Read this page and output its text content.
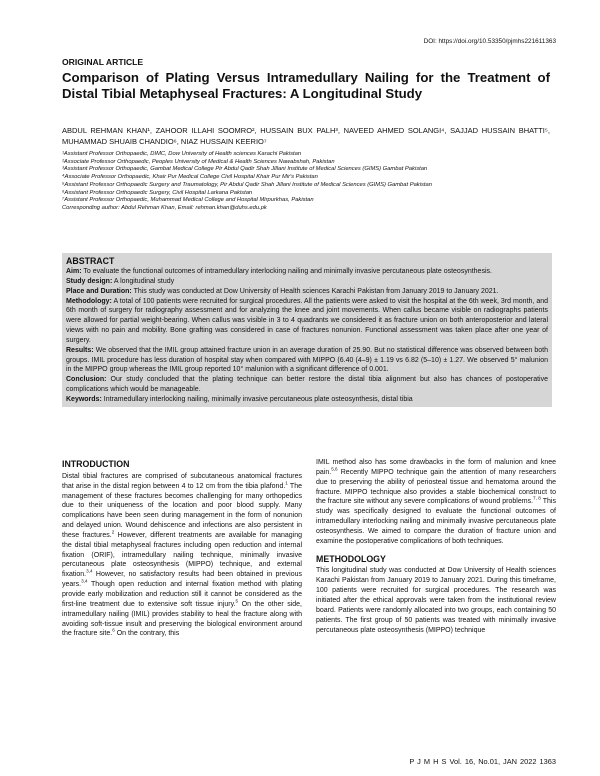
DOI: https://doi.org/10.53350/pjmhs221611363
ORIGINAL ARTICLE
Comparison of Plating Versus Intramedullary Nailing for the Treatment of Distal Tibial Metaphyseal Fractures: A Longitudinal Study
ABDUL REHMAN KHAN¹, ZAHOOR ILLAHI SOOMRO², HUSSAIN BUX PALH³, NAVEED AHMED SOLANGI⁴, SAJJAD HUSSAIN BHATTI⁵, MUHAMMAD SHUAIB CHANDIO⁶, NIAZ HUSSAIN KEERIO⁷
¹Assistant Professor Orthopaedic, DIMC, Dow University of Health sciences Karachi Pakistan
²Associate Professor Orthopaedic, Peoples University of Medical & Health Sciences Nawabshah, Pakistan
³Assistant Professor Orthopaedic, Gambat Medical College Pir Abdul Qadir Shah Jillani Institute of Medical Sciences (GIMS) Gambat Pakistan
⁴Associate Professor Orthopaedic, Khair Pur Medical College Civil Hospital Khair Pur Mir's Pakistan
⁵Assistant Professor Orthopaedic Surgery and Traumatology, Pir Abdul Qadir Shah Jillani Institute of Medical Sciences (GIMS) Gambat Pakistan
⁶Assistant Professor Orthopaedic Surgery, Civil Hospital Larkana Pakistan
⁷Assistant Professor Orthopaedic, Muhammad Medical College and Hospital Mirpurkhas, Pakistan
Corresponding author: Abdul Rehman Khan, Email: rehman.khan@duhs.edu.pk
ABSTRACT

Aim: To evaluate the functional outcomes of intramedullary interlocking nailing and minimally invasive percutaneous plate osteosynthesis.

Study design: A longitudinal study

Place and Duration: This study was conducted at Dow University of Health sciences Karachi Pakistan from January 2019 to January 2021.

Methodology: A total of 100 patients were recruited for surgical procedures. All the patients were asked to visit the hospital at the 6th week, 3rd month, and 6th month of surgery for radiography assessment and for analyzing the knee and joint movements. When callus became visible on radiographs patients were allowed for partial weight-bearing. When callus was visible in 3 to 4 quadrants we considered it as fracture union on both anteroposterior and lateral views with no pain and mobility. Bone grafting was considered in case of fractures nonunion. Functional assessment was taken place after one year of surgery.

Results: We observed that the IMIL group attained fracture union in an average duration of 25.90. But no statistical difference was observed between both groups. IMIL procedure has less duration of hospital stay when compared with MIPPO (6.40 (4–9) ± 1.19 vs 6.82 (5–10) ± 1.27. We observed 5° malunion in the MIPPO group whereas the IMIL group reported 10° malunion with a significant difference of 0.001.

Conclusion: Our study concluded that the plating technique can better restore the distal tibia alignment but also has chances of postoperative complications which would be manageable.

Keywords: Intramedullary interlocking nailing, minimally invasive percutaneous plate osteosynthesis, distal tibia

INTRODUCTION

Distal tibial fractures are comprised of subcutaneous anatomical fractures that arise in the distal region between 4 to 12 cm from the tibia plafond.$^1$ The management of these fractures becomes challenging for many orthopedics due to their uniqueness of the location and poor blood supply. Many complications have been seen during management in the form of nonunion and delayed union. Wound dehiscence and infections are also persistent in these fractures.$^2$ However, different treatments are available for managing the distal tibial metaphyseal fractures including open reduction and internal fixation (ORIF), intramedullary nailing technique, minimally invasive percutaneous plate osteosynthesis (MIPPO) technique, and external fixation.$^{3,4}$ However, no satisfactory results had been obtained in previous years.$^{3,4}$ Though open reduction and internal fixation method with plating provide early mobilization and reduction still it cannot be considered as the first-line treatment due to extensive soft tissue injury.$^5$ On the other side, intramedullary nailing (IMIL) provides stability to heal the fracture along with avoiding soft-tissue insult and preserving the biological environment around the fracture site.$^6$ On the contrary, this

IMIL method also has some drawbacks in the form of malunion and knee pain.$^{5,6}$ Recently MIPPO technique gain the attention of many researchers due to preserving the ability of periosteal tissue and hematoma around the fracture. MIPPO technique also provides a stable biochemical construct to the fracture site without any severe complications of wound problems.$^{7, 8}$ This study was specifically designed to evaluate the functional outcomes of intramedullary interlocking nailing and minimally invasive percutaneous plate osteosynthesis. We aimed to compare the duration of fracture union and examine the postoperative complications of both techniques.

METHODOLOGY

This longitudinal study was conducted at Dow University of Health sciences Karachi Pakistan from January 2019 to January 2021. During this timeframe, 100 patients were recruited for surgical procedures. The research was initiated after the ethical approvals were taken from the institutional review board. Patients were randomly allocated into two groups, each containing 50 patients. The first group of 50 patients was treated with minimally invasive percutaneous plate osteosynthesis (MIPPO) technique

P J M H S Vol. 16, No.01, JAN 2022 1363
